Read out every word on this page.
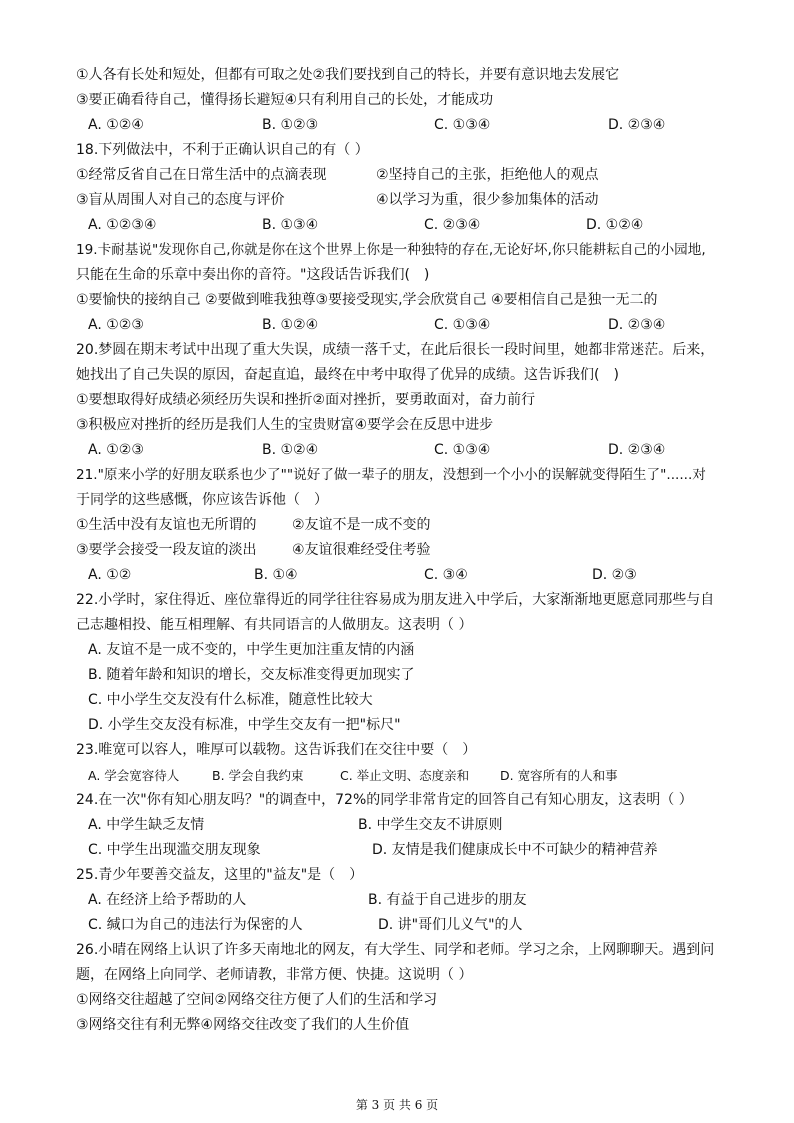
①人各有长处和短处，但都有可取之处②我们要找到自己的特长，并要有意识地去发展它
③要正确看待自己，懂得扬长避短④只有利用自己的长处，才能成功
A. ①②④	B. ①②③	C. ①③④	D. ②③④
18.下列做法中，不利于正确认识自己的有（ ）
①经常反省自己在日常生活中的点滴表现	②坚持自己的主张，拒绝他人的观点
③盲从周围人对自己的态度与评价	④以学习为重，很少参加集体的活动
A. ①②③④	B. ①③④	C. ②③④	D. ①②④
19.卡耐基说"发现你自己,你就是你在这个世界上你是一种独特的存在,无论好坏,你只能耕耘自己的小园地,
只能在生命的乐章中奏出你的音符。"这段话告诉我们(　)
①要愉快的接纳自己 ②要做到唯我独尊③要接受现实,学会欣赏自己 ④要相信自己是独一无二的
A. ①②③	B. ①②④	C. ①③④	D. ②③④
20.梦圆在期末考试中出现了重大失误，成绩一落千丈，在此后很长一段时间里，她都非常迷茫。后来，
她找出了自己失误的原因，奋起直追，最终在中考中取得了优异的成绩。这告诉我们(　)
①要想取得好成绩必须经历失误和挫折②面对挫折，要勇敢面对，奋力前行
③积极应对挫折的经历是我们人生的宝贵财富④要学会在反思中进步
A. ①②③	B. ①②④	C. ①③④	D. ②③④
21."原来小学的好朋友联系也少了""说好了做一辈子的朋友，没想到一个小小的误解就变得陌生了"......对
于同学的这些感慨，你应该告诉他（　）
①生活中没有友谊也无所谓的	②友谊不是一成不变的
③要学会接受一段友谊的淡出	④友谊很难经受住考验
A. ①②	B. ①④	C. ③④	D. ②③
22.小学时，家住得近、座位靠得近的同学往往容易成为朋友进入中学后，大家渐渐地更愿意同那些与自
己志趣相投、能互相理解、有共同语言的人做朋友。这表明（ ）
A. 友谊不是一成不变的，中学生更加注重友情的内涵
B. 随着年龄和知识的增长，交友标准变得更加现实了
C. 中小学生交友没有什么标准，随意性比较大
D. 小学生交友没有标准，中学生交友有一把"标尺"
23.唯宽可以容人，唯厚可以载物。这告诉我们在交往中要（　）
A. 学会宽容待人	B. 学会自我约束	C. 举止文明、态度亲和 D. 宽容所有的人和事
24.在一次"你有知心朋友吗？"的调查中，72%的同学非常肯定的回答自己有知心朋友，这表明（ ）
A. 中学生缺乏友情	B. 中学生交友不讲原则
C. 中学生出现滥交朋友现象	D. 友情是我们健康成长中不可缺少的精神营养
25.青少年要善交益友，这里的"益友"是（　）
A. 在经济上给予帮助的人	B. 有益于自己进步的朋友
C. 缄口为自己的违法行为保密的人	D. 讲"哥们儿义气"的人
26.小晴在网络上认识了许多天南地北的网友，有大学生、同学和老师。学习之余，上网聊聊天。遇到问
题，在网络上向同学、老师请教，非常方便、快捷。这说明（ ）
①网络交往超越了空间②网络交往方便了人们的生活和学习
③网络交往有利无弊④网络交往改变了我们的人生价值
第 3 页 共 6 页
